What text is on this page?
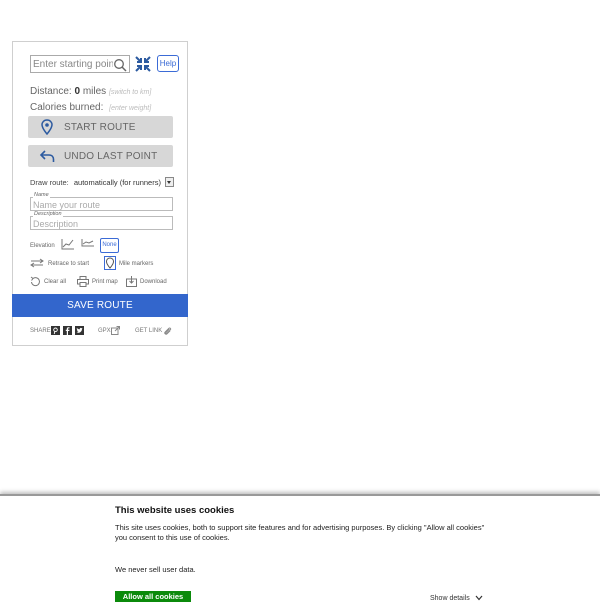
Enter starting point
Help
Distance: 0 miles [switch to km]
Calories burned: [enter weight]
START ROUTE
UNDO LAST POINT
Draw route: automatically (for runners)
Name
Name your route
Description
Description
Elevation	None
Retrace to start	Mile markers
Clear all	Print map	Download
SAVE ROUTE
SHARE	GPX	GET LINK
This website uses cookies
This site uses cookies, both to support site features and for advertising purposes. By clicking "Allow all cookies" you consent to this use of cookies.
We never sell user data.
Allow all cookies	Show details
